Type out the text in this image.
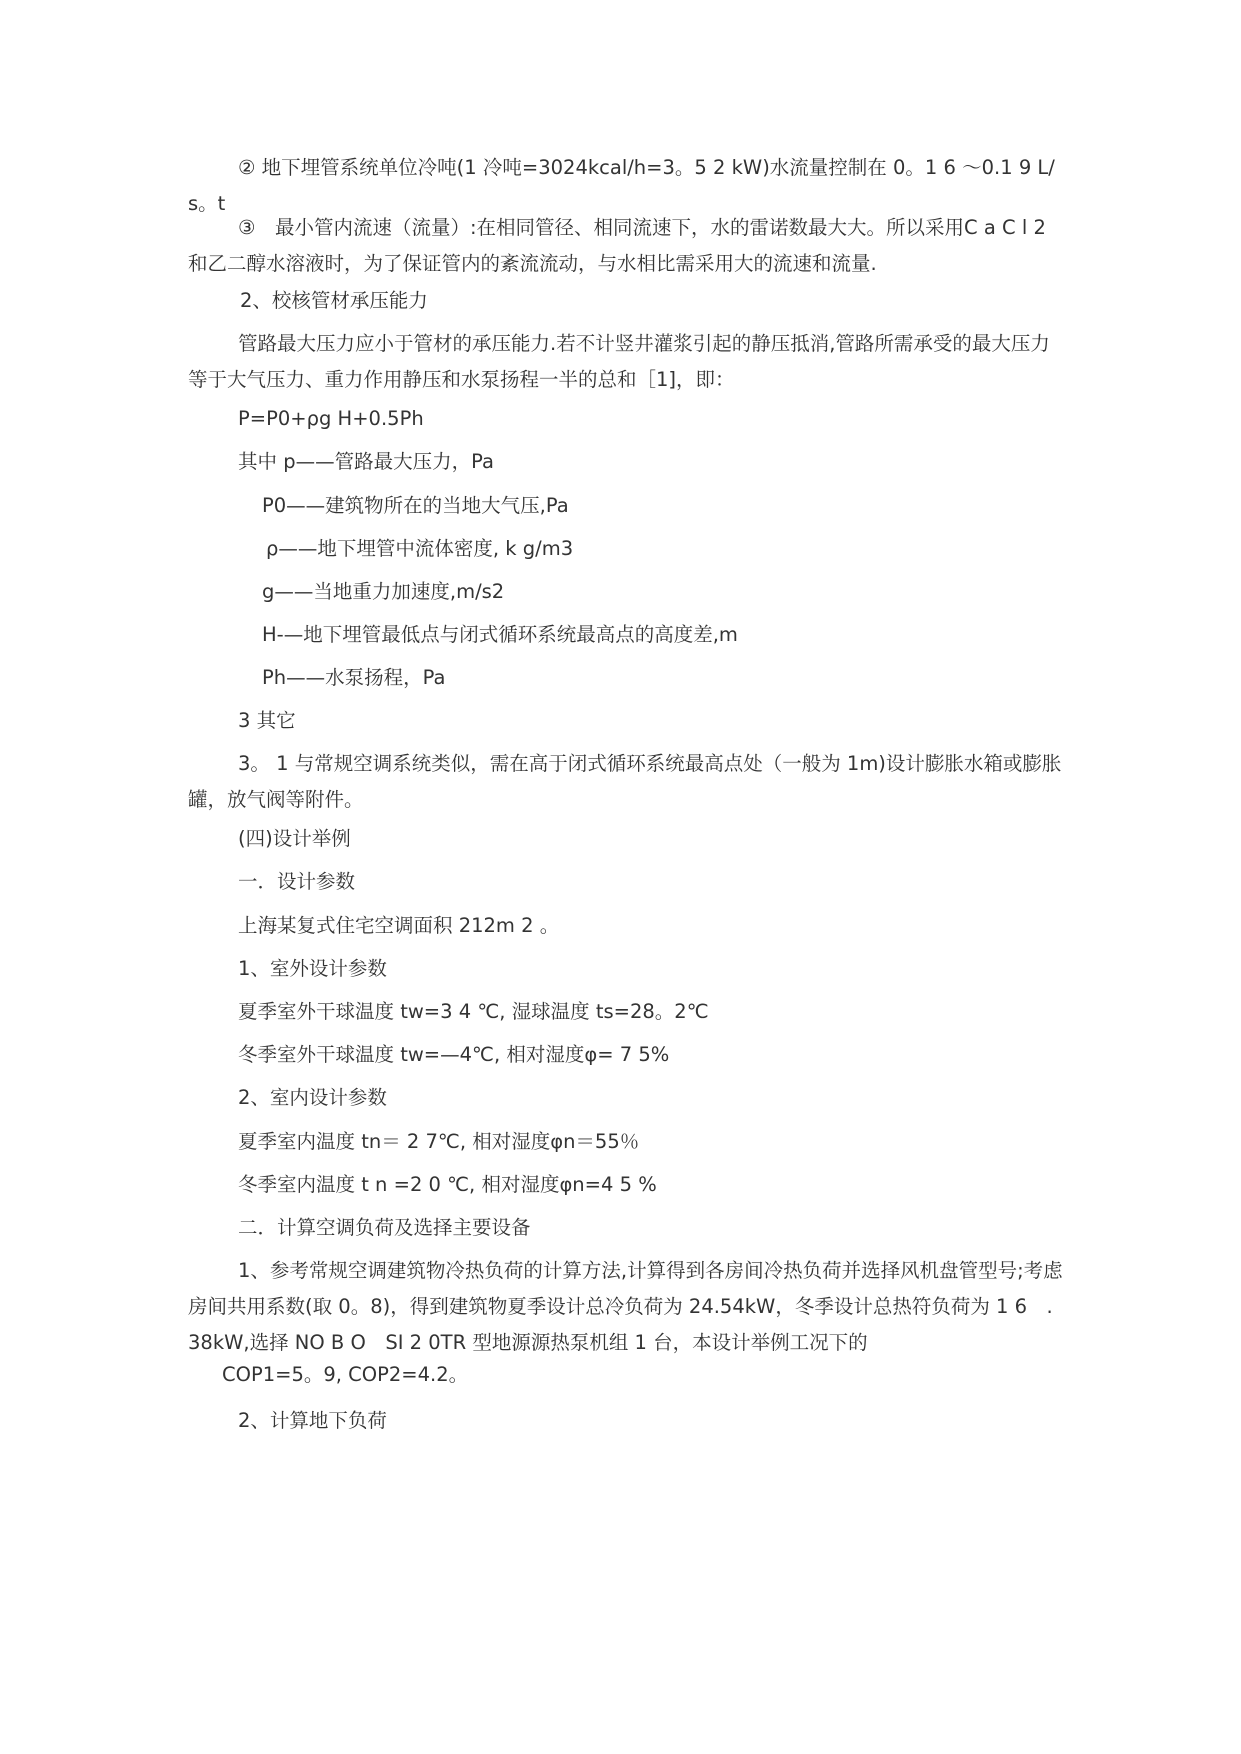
② 地下埋管系统单位冷吨(1 冷吨=3024kcal/h=3。5 2 kW)水流量控制在 0。1 6 ～0.1 9 L/s。t
③　最小管内流速（流量）:在相同管径、相同流速下，水的雷诺数最大大。所以采用C a C l 2 和乙二醇水溶液时，为了保证管内的紊流流动，与水相比需采用大的流速和流量.
2、校核管材承压能力
管路最大压力应小于管材的承压能力.若不计竖井灌浆引起的静压抵消,管路所需承受的最大压力等于大气压力、重力作用静压和水泵扬程一半的总和［1]，即：
P=P0+ρg H+0.5Ph
其中 p——管路最大压力，Pa
P0——建筑物所在的当地大气压,Pa
ρ——地下埋管中流体密度, k g/m3
g——当地重力加速度,m/s2
H-—地下埋管最低点与闭式循环系统最高点的高度差,m
Ph——水泵扬程，Pa
3 其它
3。 1 与常规空调系统类似，需在高于闭式循环系统最高点处（一般为 1m)设计膨胀水箱或膨胀罐，放气阀等附件。
(四)设计举例
一．设计参数
上海某复式住宅空调面积 212m 2 。
1、室外设计参数
夏季室外干球温度 tw=3 4 ℃, 湿球温度 ts=28。2℃
冬季室外干球温度 tw=—4℃, 相对湿度φ= 7 5%
2、室内设计参数
夏季室内温度 tn＝ 2 7℃, 相对湿度φn＝55％
冬季室内温度 t n =2 0 ℃, 相对湿度φn=4 5 %
二．计算空调负荷及选择主要设备
1、参考常规空调建筑物冷热负荷的计算方法,计算得到各房间冷热负荷并选择风机盘管型号;考虑房间共用系数(取 0。8)，得到建筑物夏季设计总冷负荷为 24.54kW，冬季设计总热符负荷为 1 6　. 38kW,选择 NO B O　SI 2 0TR 型地源源热泵机组 1 台，本设计举例工况下的
COP1=5。9, COP2=4.2。
2、计算地下负荷
